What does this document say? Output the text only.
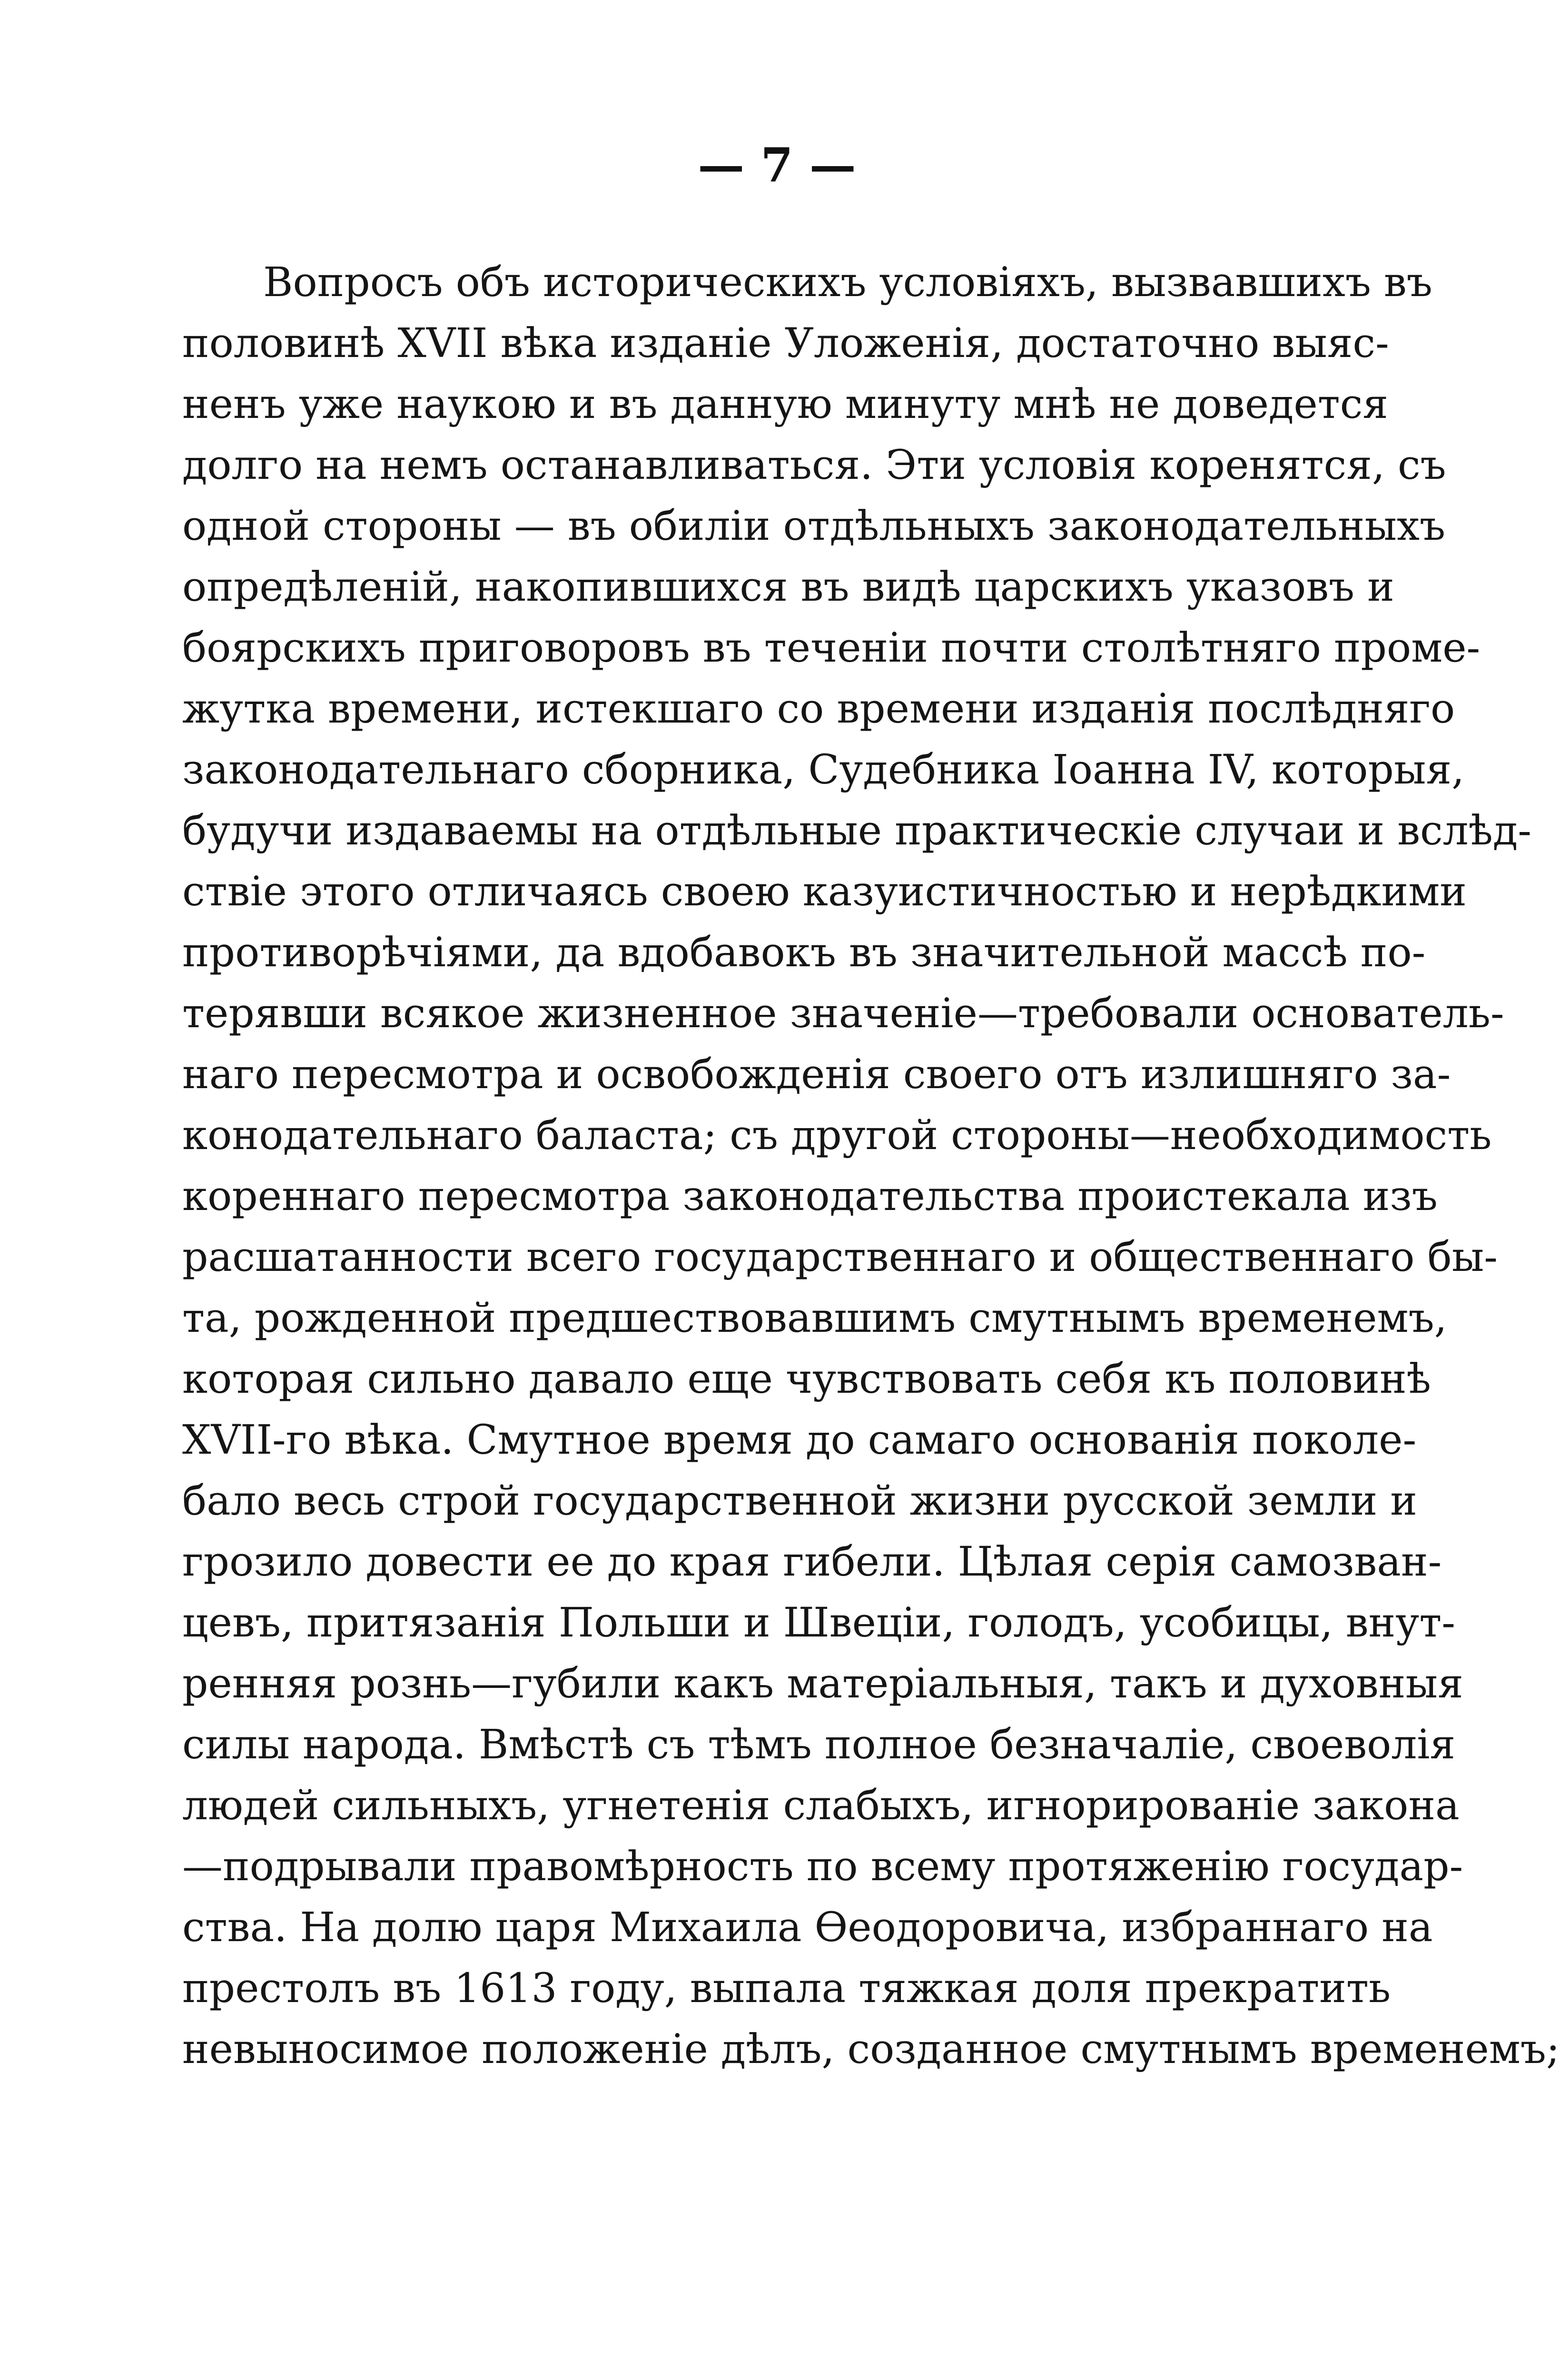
— 7 —
Вопросъ объ историческихъ условіяхъ, вызвавшихъ въ
половинѣ XVII вѣка изданіе Уложенія, достаточно выяс-
ненъ уже наукою и въ данную минуту мнѣ не доведется
долго на немъ останавливаться. Эти условія коренятся, съ
одной стороны — въ обиліи отдѣльныхъ законодательныхъ
опредѣленій, накопившихся въ видѣ царскихъ указовъ и
боярскихъ приговоровъ въ теченіи почти столѣтняго проме-
жутка времени, истекшаго со времени изданія послѣдняго
законодательнаго сборника, Судебника Іоанна IV, которыя,
будучи издаваемы на отдѣльные практическіе случаи и вслѣд-
ствіе этого отличаясь своею казуистичностью и нерѣдкими
противорѣчіями, да вдобавокъ въ значительной массѣ по-
терявши всякое жизненное значеніе—требовали основатель-
наго пересмотра и освобожденія своего отъ излишняго за-
конодательнаго баласта; съ другой стороны—необходимость
кореннаго пересмотра законодательства проистекала изъ
расшатанности всего государственнаго и общественнаго бы-
та, рожденной предшествовавшимъ смутнымъ временемъ,
которая сильно давало еще чувствовать себя къ половинѣ
XVII-го вѣка. Смутное время до самаго основанія поколе-
бало весь строй государственной жизни русской земли и
грозило довести ее до края гибели. Цѣлая серія самозван-
цевъ, притязанія Польши и Швеціи, голодъ, усобицы, внут-
ренняя рознь—губили какъ матеріальныя, такъ и духовныя
силы народа. Вмѣстѣ съ тѣмъ полное безначаліе, своеволія
людей сильныхъ, угнетенія слабыхъ, игнорированіе закона
—подрывали правомѣрность по всему протяженію государ-
ства. На долю царя Михаила Ѳеодоровича, избраннаго на
престолъ въ 1613 году, выпала тяжкая доля прекратить
невыносимое положеніе дѣлъ, созданное смутнымъ временемъ;
